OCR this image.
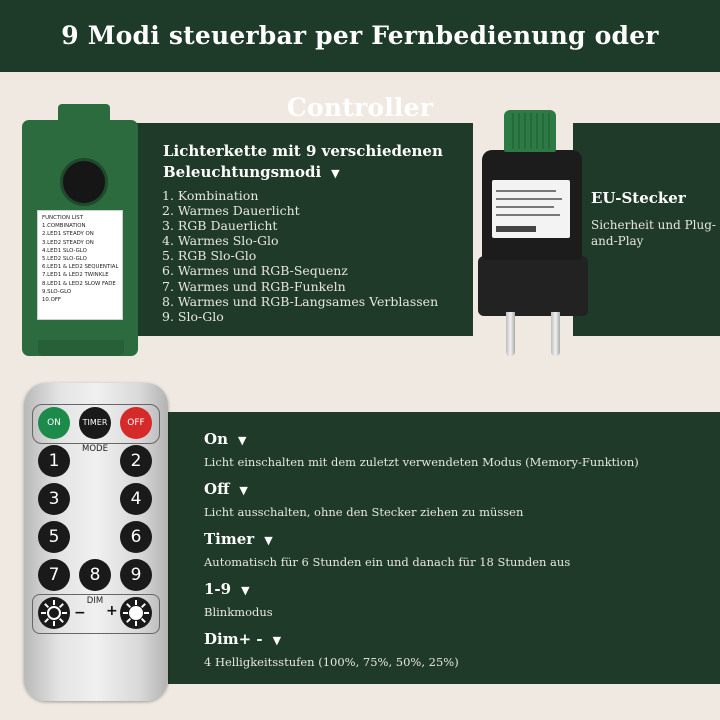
9 Modi steuerbar per Fernbedienung oder Controller
Lichterkette mit 9 verschiedenen Beleuchtungsmodi ▼
1. Kombination
2. Warmes Dauerlicht
3. RGB Dauerlicht
4. Warmes Slo-Glo
5. RGB Slo-Glo
6. Warmes und RGB-Sequenz
7. Warmes und RGB-Funkeln
8. Warmes und RGB-Langsames Verblassen
9. Slo-Glo
FUNCTION LIST
1.COMBINATION
2.LED1 STEADY ON
3.LED2 STEADY ON
4.LED1 SLO-GLO
5.LED2 SLO-GLO
6.LED1 & LED2 SEQUENTIAL
7.LED1 & LED2 TWINKLE
8.LED1 & LED2 SLOW FADE
9.SLO-GLO
10.OFF
EU-Stecker
Sicherheit und Plug-and-Play
On ▼
Licht einschalten mit dem zuletzt verwendeten Modus (Memory-Funktion)
Off ▼
Licht ausschalten, ohne den Stecker ziehen zu müssen
Timer ▼
Automatisch für 6 Stunden ein und danach für 18 Stunden aus
1-9 ▼
Blinkmodus
Dim+ - ▼
4 Helligkeitsstufen (100%, 75%, 50%, 25%)
ON	TIMER	OFF
MODE
1	2
3	4
5	6
7	8	9
DIM
− +
